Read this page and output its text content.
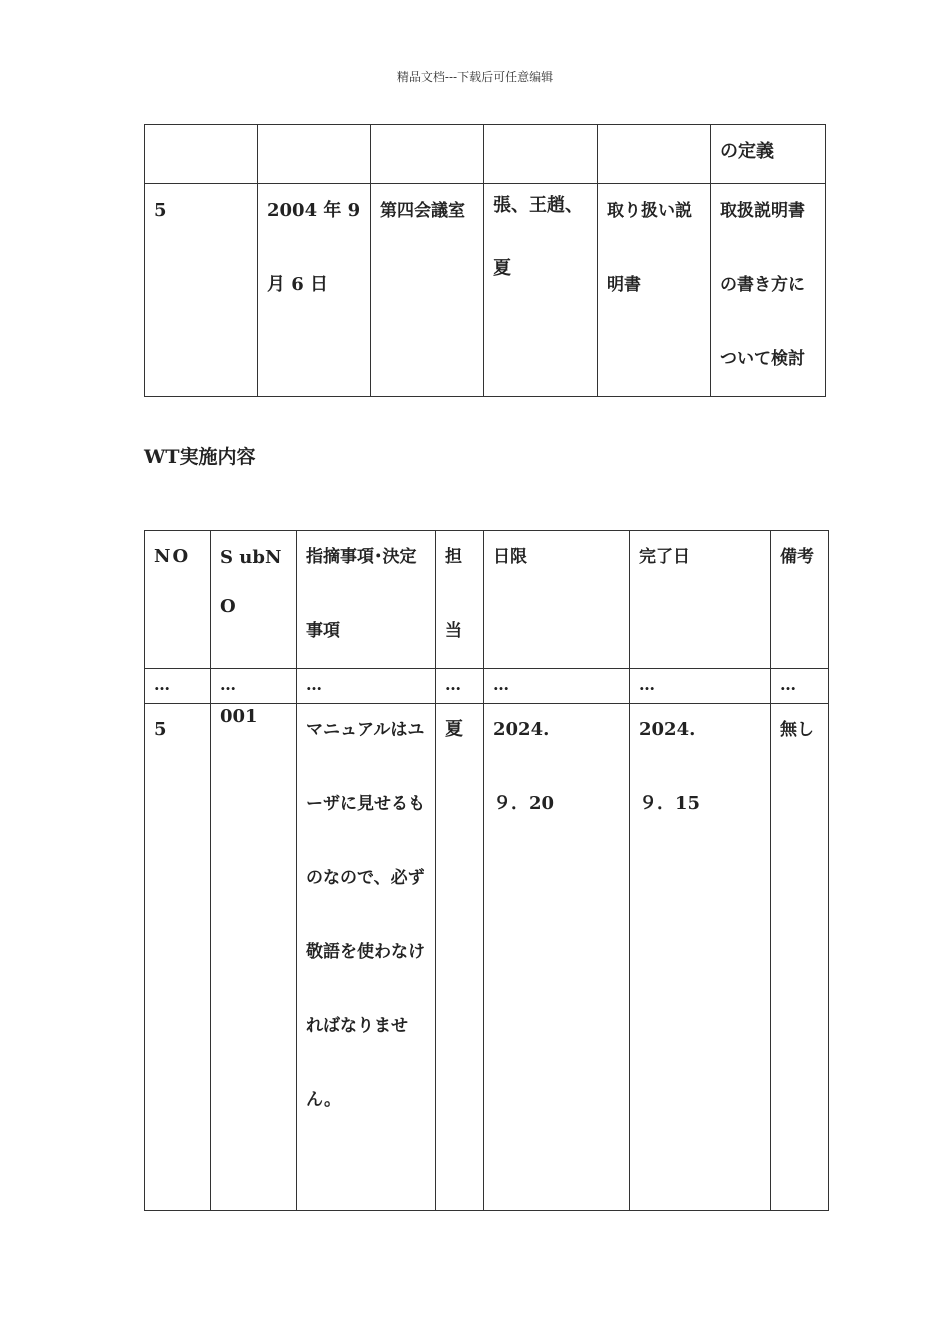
精品文档---下载后可任意编辑
					の定義

5	2004 年 9 月 6 日	第四会議室	張、王趙、夏	取り扱い説明書	取扱説明書の書き方について検討
WT実施内容
NO	S ubNO	指摘事項･決定事項	担当	日限	完了日	備考

…	…	…	…	…	…	…

5	001	マニュアルはユーザに見せるものなので、必ず敬語を使わなければなりません。	夏	2024. ９．20	2024. ９．15	無し
